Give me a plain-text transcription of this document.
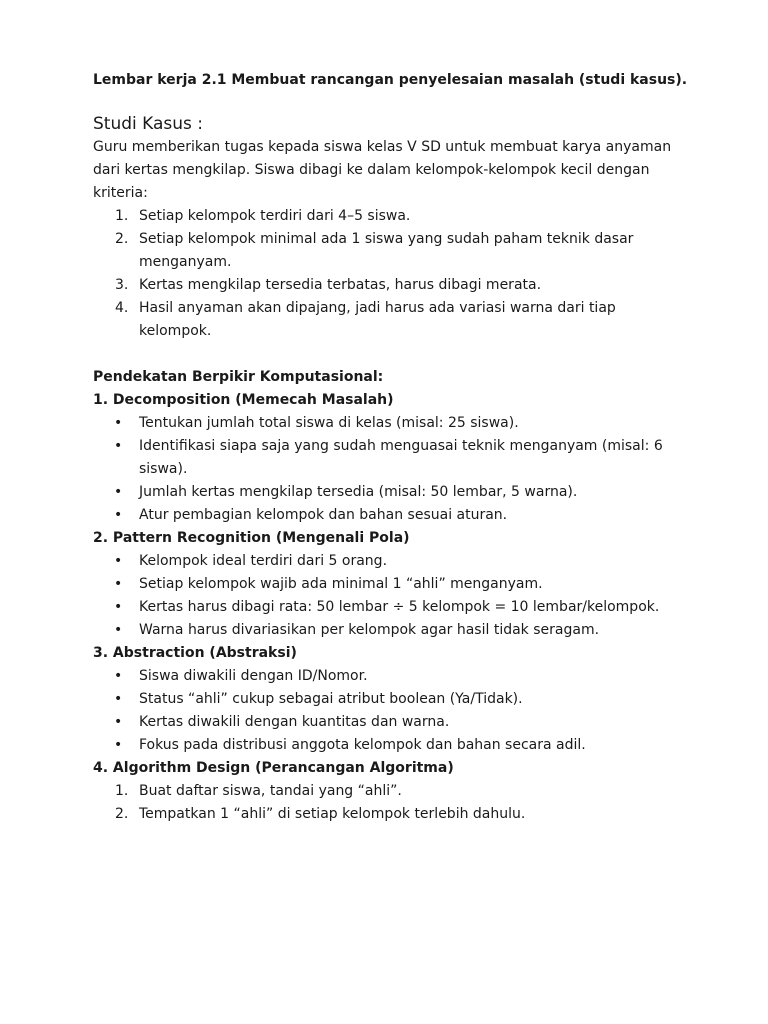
Lembar kerja 2.1 Membuat rancangan penyelesaian masalah (studi kasus).

Studi Kasus :

Guru memberikan tugas kepada siswa kelas V SD untuk membuat karya anyaman dari kertas mengkilap. Siswa dibagi ke dalam kelompok-kelompok kecil dengan kriteria:

1. Setiap kelompok terdiri dari 4–5 siswa.
2. Setiap kelompok minimal ada 1 siswa yang sudah paham teknik dasar menganyam.
3. Kertas mengkilap tersedia terbatas, harus dibagi merata.
4. Hasil anyaman akan dipajang, jadi harus ada variasi warna dari tiap kelompok.

Pendekatan Berpikir Komputasional:

1. Decomposition (Memecah Masalah)

• Tentukan jumlah total siswa di kelas (misal: 25 siswa).
• Identifikasi siapa saja yang sudah menguasai teknik menganyam (misal: 6 siswa).
• Jumlah kertas mengkilap tersedia (misal: 50 lembar, 5 warna).
• Atur pembagian kelompok dan bahan sesuai aturan.

2. Pattern Recognition (Mengenali Pola)

• Kelompok ideal terdiri dari 5 orang.
• Setiap kelompok wajib ada minimal 1 “ahli” menganyam.
• Kertas harus dibagi rata: 50 lembar ÷ 5 kelompok = 10 lembar/kelompok.
• Warna harus divariasikan per kelompok agar hasil tidak seragam.

3. Abstraction (Abstraksi)

• Siswa diwakili dengan ID/Nomor.
• Status “ahli” cukup sebagai atribut boolean (Ya/Tidak).
• Kertas diwakili dengan kuantitas dan warna.
• Fokus pada distribusi anggota kelompok dan bahan secara adil.

4. Algorithm Design (Perancangan Algoritma)

1. Buat daftar siswa, tandai yang “ahli”.
2. Tempatkan 1 “ahli” di setiap kelompok terlebih dahulu.
